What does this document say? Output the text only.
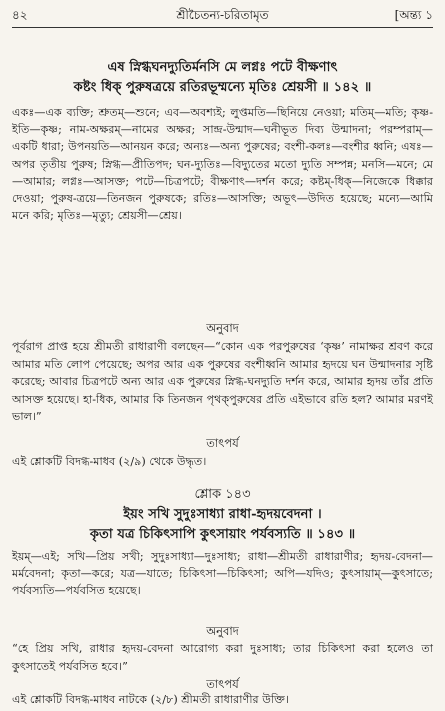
৪২	শ্রীচৈতন্য-চরিতামৃত	[অন্ত্য ১
এষ স্নিগ্ধঘনদ্যুতির্মনসি মে লগ্নঃ পটে বীক্ষণাৎ
কষ্টং ধিক্ পুরুষত্রয়ে রতিরভূম্মন্যে মৃতিঃ শ্রেয়সী ॥ ১৪২ ॥
একঃ—এক ব্যক্তি; শ্রুতম্—শুনে; এব—অবশ্যই; লুপ্তমতি—ছিনিয়ে নেওয়া; মতিম্—মতি; কৃষ্ণ-ইতি—কৃষ্ণ; নাম-অক্ষরম্—নামের অক্ষর; সান্দ্র-উন্মাদ—ঘনীভূত দিব্য উন্মাদনা; পরম্পরাম্—একটি ধারা; উপনয়তি—আনয়ন করে; অন্যঃ—অন্য পুরুষের; বংশী-কলঃ—বংশীর ধ্বনি; এষঃ—অপর তৃতীয় পুরুষ; স্নিগ্ধ—প্রীতিপদ; ঘন-দ্যুতিঃ—বিদ্যুতের মতো দ্যুতি সম্পন্ন; মনসি—মনে; মে—আমার; লগ্নঃ—আসক্ত; পটে—চিত্রপটে; বীক্ষণাৎ—দর্শন করে; কষ্টম্-ধিক্—নিজেকে ধিক্কার দেওয়া; পুরুষ-ত্রয়ে—তিনজন পুরুষকে; রতিঃ—আসক্তি; অভূৎ—উদিত হয়েছে; মন্যে—আমি মনে করি; মৃতিঃ—মৃত্যু; শ্রেয়সী—শ্রেয়।
অনুবাদ
পূর্বরাগ প্রাপ্ত হয়ে শ্রীমতী রাধারাণী বলছেন—“কোন এক পরপুরুষের ‘কৃষ্ণ’ নামাক্ষর শ্রবণ করে আমার মতি লোপ পেয়েছে; অপর আর এক পুরুষের বংশীধ্বনি আমার হৃদয়ে ঘন উন্মাদনার সৃষ্টি করেছে; আবার চিত্রপটে অন্য আর এক পুরুষের স্নিগ্ধ-ঘনদ্যুতি দর্শন করে, আমার হৃদয় তাঁর প্রতি আসক্ত হয়েছে। হা-ধিক, আমার কি তিনজন পৃথক্পুরুষের প্রতি এইভাবে রতি হল? আমার মরণই ভাল।”
তাৎপর্য
এই শ্লোকটি বিদগ্ধ-মাধব (২/৯) থেকে উদ্ধৃত।
শ্লোক ১৪৩
ইয়ং সখি সুদুঃসাধ্যা রাধা-হৃদয়বেদনা ।
কৃতা যত্র চিকিৎসাপি কুৎসায়াং পর্যবস্যতি ॥ ১৪৩ ॥
ইয়ম্—এই; সখি—প্রিয় সখী; সুদুঃসাধ্যা—দুঃসাধ্য; রাধা—শ্রীমতী রাধারাণীর; হৃদয়-বেদনা—মর্মবেদনা; কৃতা—করে; যত্র—যাতে; চিকিৎসা—চিকিৎসা; অপি—যদিও; কুৎসায়াম্—কুৎসাতে; পর্যবস্যতি—পর্যবসিত হয়েছে।
অনুবাদ
“হে প্রিয় সখি, রাধার হৃদয়-বেদনা আরোগ্য করা দুঃসাধ্য; তার চিকিৎসা করা হলেও তা কুৎসাতেই পর্যবসিত হবে।”
তাৎপর্য
এই শ্লোকটি বিদগ্ধ-মাধব নাটকে (২/৮) শ্রীমতী রাধারাণীর উক্তি।
